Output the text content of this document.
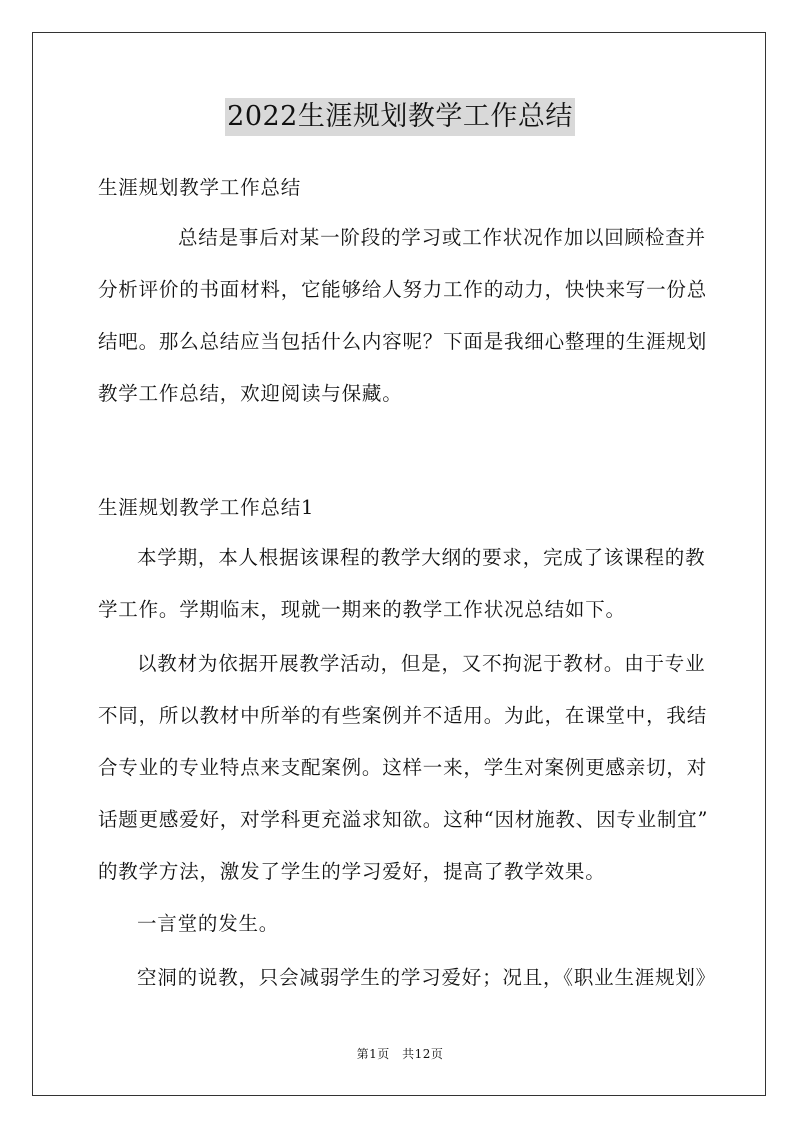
2022生涯规划教学工作总结
生涯规划教学工作总结
总结是事后对某一阶段的学习或工作状况作加以回顾检查并
分析评价的书面材料，它能够给人努力工作的动力，快快来写一份总
结吧。那么总结应当包括什么内容呢？下面是我细心整理的生涯规划
教学工作总结，欢迎阅读与保藏。
生涯规划教学工作总结1
本学期，本人根据该课程的教学大纲的要求，完成了该课程的教
学工作。学期临末，现就一期来的教学工作状况总结如下。
以教材为依据开展教学活动，但是，又不拘泥于教材。由于专业
不同，所以教材中所举的有些案例并不适用。为此，在课堂中，我结
合专业的专业特点来支配案例。这样一来，学生对案例更感亲切，对
话题更感爱好，对学科更充溢求知欲。这种“因材施教、因专业制宜”
的教学方法，激发了学生的学习爱好，提高了教学效果。
一言堂的发生。
空洞的说教，只会减弱学生的学习爱好；况且，《职业生涯规划》
第1页 共12页
